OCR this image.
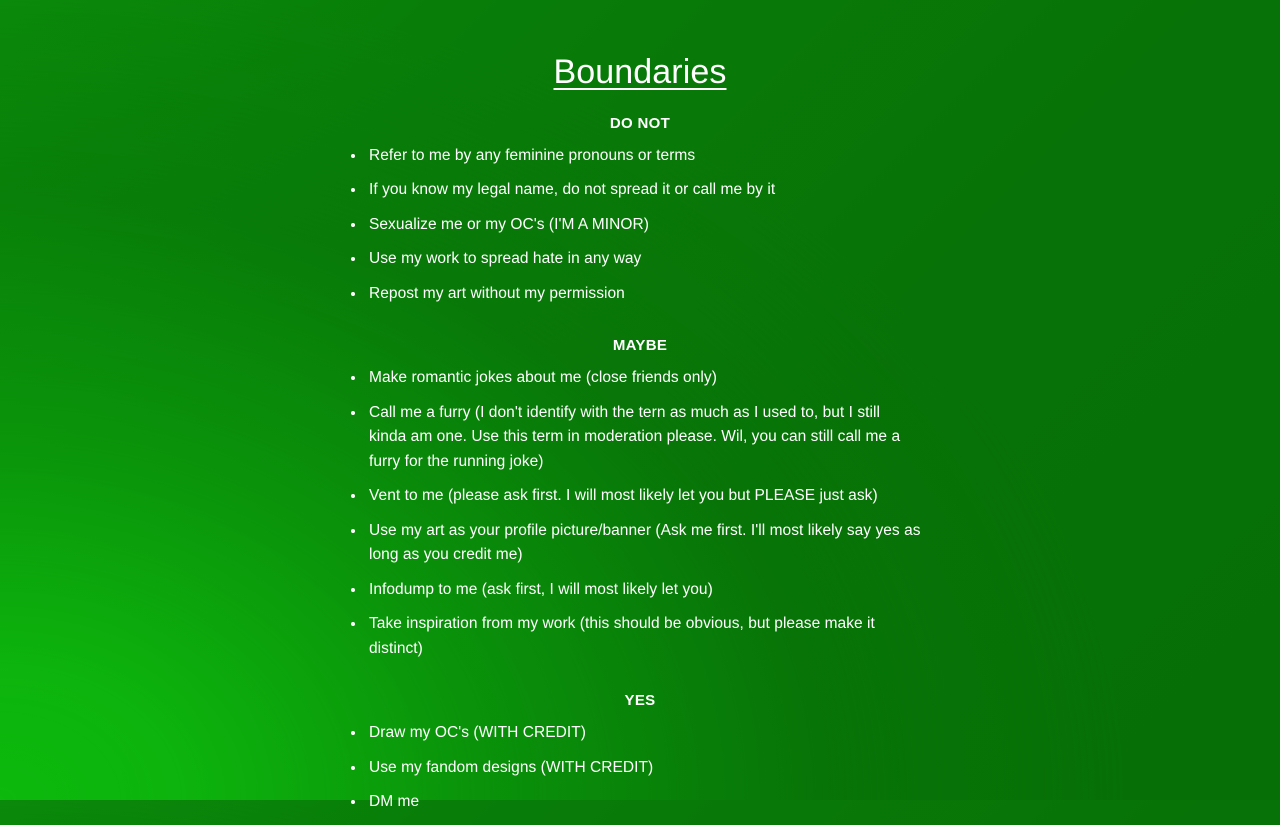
Boundaries
DO NOT
Refer to me by any feminine pronouns or terms
If you know my legal name, do not spread it or call me by it
Sexualize me or my OC's (I'M A MINOR)
Use my work to spread hate in any way
Repost my art without my permission
MAYBE
Make romantic jokes about me (close friends only)
Call me a furry (I don't identify with the tern as much as I used to, but I still kinda am one. Use this term in moderation please. Wil, you can still call me a furry for the running joke)
Vent to me (please ask first. I will most likely let you but PLEASE just ask)
Use my art as your profile picture/banner (Ask me first. I'll most likely say yes as long as you credit me)
Infodump to me (ask first, I will most likely let you)
Take inspiration from my work (this should be obvious, but please make it distinct)
YES
Draw my OC's (WITH CREDIT)
Use my fandom designs (WITH CREDIT)
DM me
